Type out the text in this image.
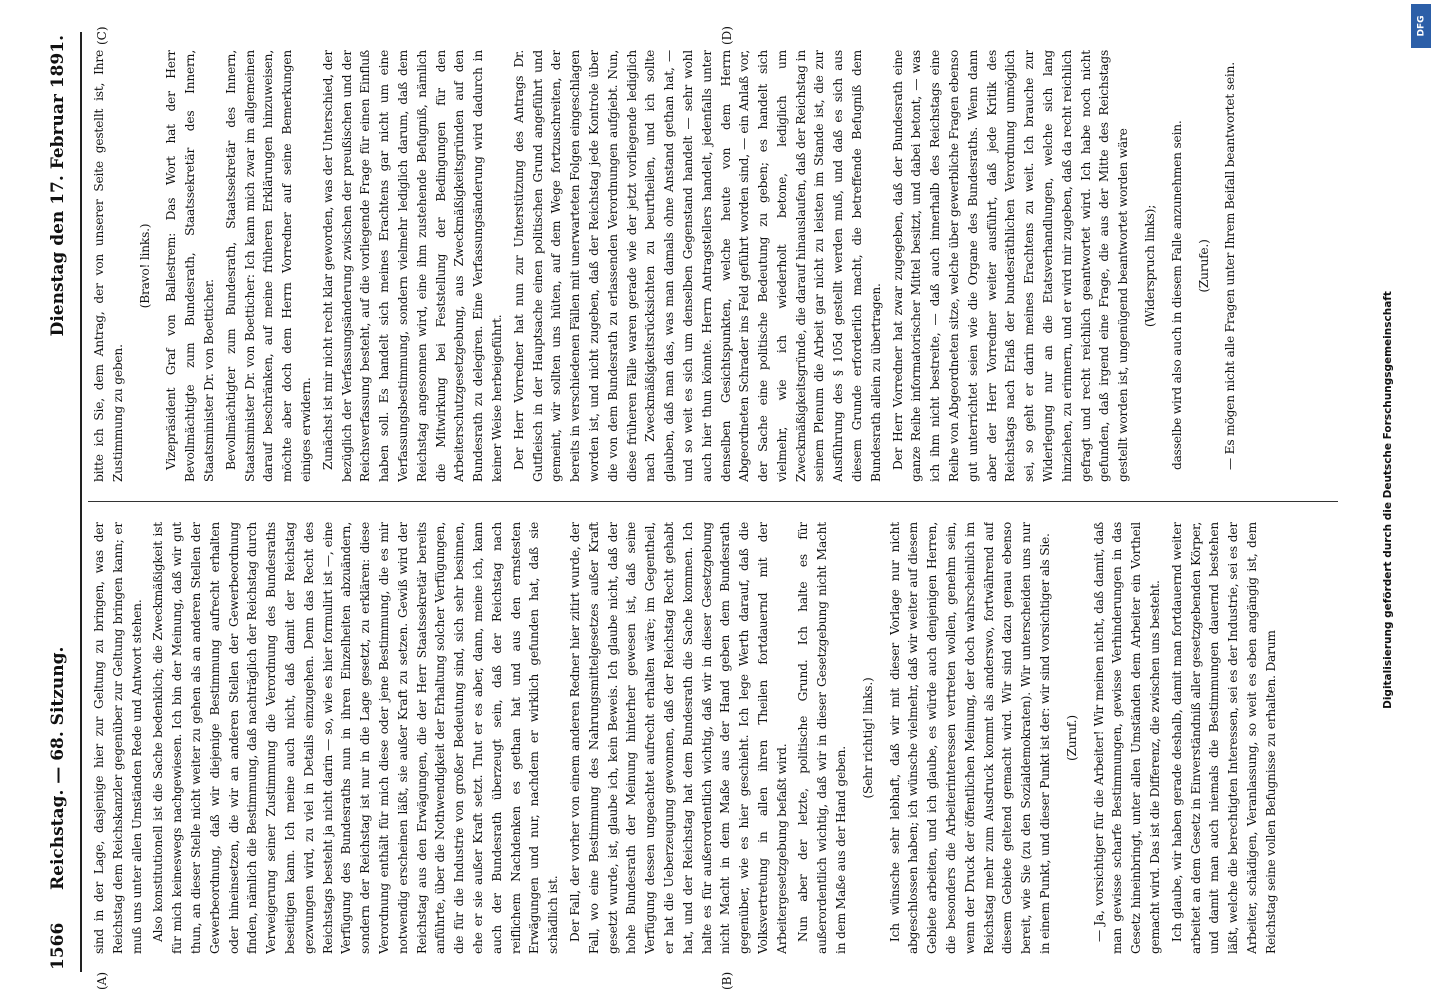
1566
Reichstag. — 68. Sitzung.
Dienstag den 17. Februar 1891.
(A)	(B)
(C)	(D)

sind in der Lage, dasjenige hier zur Geltung zu bringen, was der Reichstag dem Reichskanzler gegenüber zur Geltung bringen kann; er muß uns unter allen Umständen Rede und Antwort stehen. Also konstitutionell ist die Sache bedenklich; die Zweckmäßigkeit ist für mich keineswegs nachgewiesen. Ich bin der Meinung, daß wir gut thun, an dieser Stelle nicht weiter zu gehen als an anderen Stellen der Gewerbeordnung, daß wir diejenige Bestimmung aufrecht erhalten oder hineinsetzen, die wir an anderen Stellen der Gewerbeordnung finden, nämlich die Bestimmung, daß nachträglich der Reichstag durch Verweigerung seiner Zustimmung die Verordnung des Bundesraths beseitigen kann. Ich meine auch nicht, daß damit der Reichstag gezwungen wird, zu viel in Details einzugehen. Denn das Recht des Reichstags besteht ja nicht darin — so, wie es hier formulirt ist —, eine Verfügung des Bundesraths nun in ihren Einzelheiten abzuändern, sondern der Reichstag ist nur in die Lage gesetzt, zu erklären: diese Verordnung enthält für mich diese oder jene Bestimmung, die es mir notwendig erscheinen läßt, sie außer Kraft zu setzen. Gewiß wird der Reichstag aus den Erwägungen, die der Herr Staatssekretär bereits anführte, über die Nothwendigkeit der Erhaltung solcher Verfügungen, die für die Industrie von großer Bedeutung sind, sich sehr besinnen, ehe er sie außer Kraft setzt. Thut er es aber, dann, meine ich, kann auch der Bundesrath überzeugt sein, daß der Reichstag nach reiflichem Nachdenken es gethan hat und aus den ernstesten Erwägungen und nur, nachdem er wirklich gefunden hat, daß sie schädlich ist. Der Fall, der vorher von einem anderen Redner hier zitirt wurde, der Fall, wo eine Bestimmung des Nahrungsmittelgesetzes außer Kraft gesetzt wurde, ist, glaube ich, kein Beweis. Ich glaube nicht, daß der hohe Bundesrath der Meinung hinterher gewesen ist, daß seine Verfügung dessen ungeachtet aufrecht erhalten wäre; im Gegentheil, er hat die Ueberzeugung gewonnen, daß der Reichstag Recht gehabt hat, und der Reichstag hat dem Bundesrath die Sache kommen. Ich halte es für außerordentlich wichtig, daß wir in dieser Gesetzgebung nicht Macht in dem Maße aus der Hand geben dem Bundesrath gegenüber, wie es hier geschieht. Ich lege Werth darauf, daß die Volksvertretung in allen ihren Theilen fortdauernd mit der Arbeitergesetzgebung befaßt wird. Nun aber der letzte, politische Grund. Ich halte es für außerordentlich wichtig, daß wir in dieser Gesetzgebung nicht Macht in dem Maße aus der Hand geben.

(Sehr richtig! links.) Ich wünsche sehr lebhaft, daß wir mit dieser Vorlage nur nicht abgeschlossen haben; ich wünsche vielmehr, daß wir weiter auf diesem Gebiete arbeiten, und ich glaube, es würde auch denjenigen Herren, die besonders die Arbeiterinteressen vertreten wollen, genehm sein, wenn der Druck der öffentlichen Meinung, der doch wahrscheinlich im Reichstag mehr zum Ausdruck kommt als anderswo, fortwährend auf diesem Gebiete geltend gemacht wird. Wir sind dazu genau ebenso bereit, wie Sie (zu den Sozialdemokraten). Wir unterscheiden uns nur in einem Punkt, und dieser Punkt ist der: wir sind vorsichtiger als Sie. (Zuruf.) — Ja, vorsichtiger für die Arbeiter! Wir meinen nicht, daß damit, daß man gewisse scharfe Bestimmungen, gewisse Verhinderungen in das Gesetz hineinbringt, unter allen Umständen dem Arbeiter ein Vortheil gemacht wird. Das ist die Differenz, die zwischen uns besteht. Ich glaube, wir haben gerade deshalb, damit man fortdauernd weiter arbeitet an dem Gesetz in Einverständniß aller gesetzgebenden Körper, und damit man auch niemals die Bestimmungen dauernd bestehen läßt, welche die berechtigten Interessen, sei es der Industrie, sei es der Arbeiter, schädigen, Veranlassung, so weit es eben angängig ist, dem Reichstag seine vollen Befugnisse zu erhalten. Darum

bitte ich Sie, dem Antrag, der von unserer Seite gestellt ist, Ihre Zustimmung zu geben.

(Bravo! links.) Vizepräsident Graf von Ballestrem: Das Wort hat der Herr Bevollmächtigte zum Bundesrath, Staatssekretär des Innern, Staatsminister Dr. von Boetticher. Bevollmächtigter zum Bundesrath, Staatssekretär des Innern, Staatsminister Dr. von Boetticher: Ich kann mich zwar im allgemeinen darauf beschränken, auf meine früheren Erklärungen hinzuweisen, möchte aber doch dem Herrn Vorredner auf seine Bemerkungen einiges erwidern. Zunächst ist mir nicht recht klar geworden, was der Unterschied, der bezüglich der Verfassungsänderung zwischen der preußischen und der Reichsverfassung besteht, auf die vorliegende Frage für einen Einfluß haben soll. Es handelt sich meines Erachtens gar nicht um eine Verfassungsbestimmung, sondern vielmehr lediglich darum, daß dem Reichstag angesonnen wird, eine ihm zustehende Befugniß, nämlich die Mitwirkung bei Feststellung der Bedingungen für den Arbeiterschutzgesetzgebung, aus Zweckmäßigkeitsgründen auf den Bundesrath zu delegiren. Eine Verfassungsänderung wird dadurch in keiner Weise herbeigeführt. Der Herr Vorredner hat nun zur Unterstützung des Antrags Dr. Gutfleisch in der Hauptsache einen politischen Grund angeführt und gemeint, wir sollten uns hüten, auf dem Wege fortzuschreiten, der bereits in verschiedenen Fällen mit unerwarteten Folgen eingeschlagen worden ist, und nicht zugeben, daß der Reichstag jede Kontrole über die von dem Bundesrath zu erlassenden Verordnungen aufgiebt. Nun, diese früheren Fälle waren gerade wie der jetzt vorliegende lediglich nach Zweckmäßigkeitsrücksichten zu beurtheilen, und ich sollte glauben, daß man das, was man damals ohne Anstand gethan hat, — und so weit es sich um denselben Gegenstand handelt — sehr wohl auch hier thun könnte. Herrn Antragstellers handelt, jedenfalls unter denselben Gesichtspunkten, welche heute von dem Herrn Abgeordneten Schrader ins Feld geführt worden sind, — ein Anlaß vor, der Sache eine politische Bedeutung zu geben; es handelt sich vielmehr, wie ich wiederholt betone, lediglich um Zweckmäßigkeitsgründe, die darauf hinauslaufen, daß der Reichstag in seinem Plenum die Arbeit gar nicht zu leisten im Stande ist, die zur Ausführung des § 105d gestellt werden muß, und daß es sich aus diesem Grunde erforderlich macht, die betreffende Befugniß dem Bundesrath allein zu übertragen. Der Herr Vorredner hat zwar zugegeben, daß der Bundesrath eine ganze Reihe informatorischer Mittel besitzt, und dabei betont, — was ich ihm nicht bestreite, — daß auch innerhalb des Reichstags eine Reihe von Abgeordneten sitze, welche über gewerbliche Fragen ebenso gut unterrichtet seien wie die Organe des Bundesraths. Wenn dann aber der Herr Vorredner weiter ausführt, daß jede Kritik des Reichstags nach Erlaß der bundesräthlichen Verordnung unmöglich sei, so geht er darin meines Erachtens zu weit. Ich brauche zur Widerlegung nur an die Etatsverhandlungen, welche sich lang hinziehen, zu erinnern, und er wird mir zugeben, daß da recht reichlich gefragt und recht reichlich geantwortet wird. Ich habe noch nicht gefunden, daß irgend eine Frage, die aus der Mitte des Reichstags gestellt worden ist, ungenügend beantwortet worden wäre (Widerspruch links); dasselbe wird also auch in diesem Falle anzunehmen sein. (Zurufe.) — Es mögen nicht alle Fragen unter Ihrem Beifall beantwortet sein.

Digitalisierung gefördert durch die Deutsche Forschungsgemeinschaft
DFG
